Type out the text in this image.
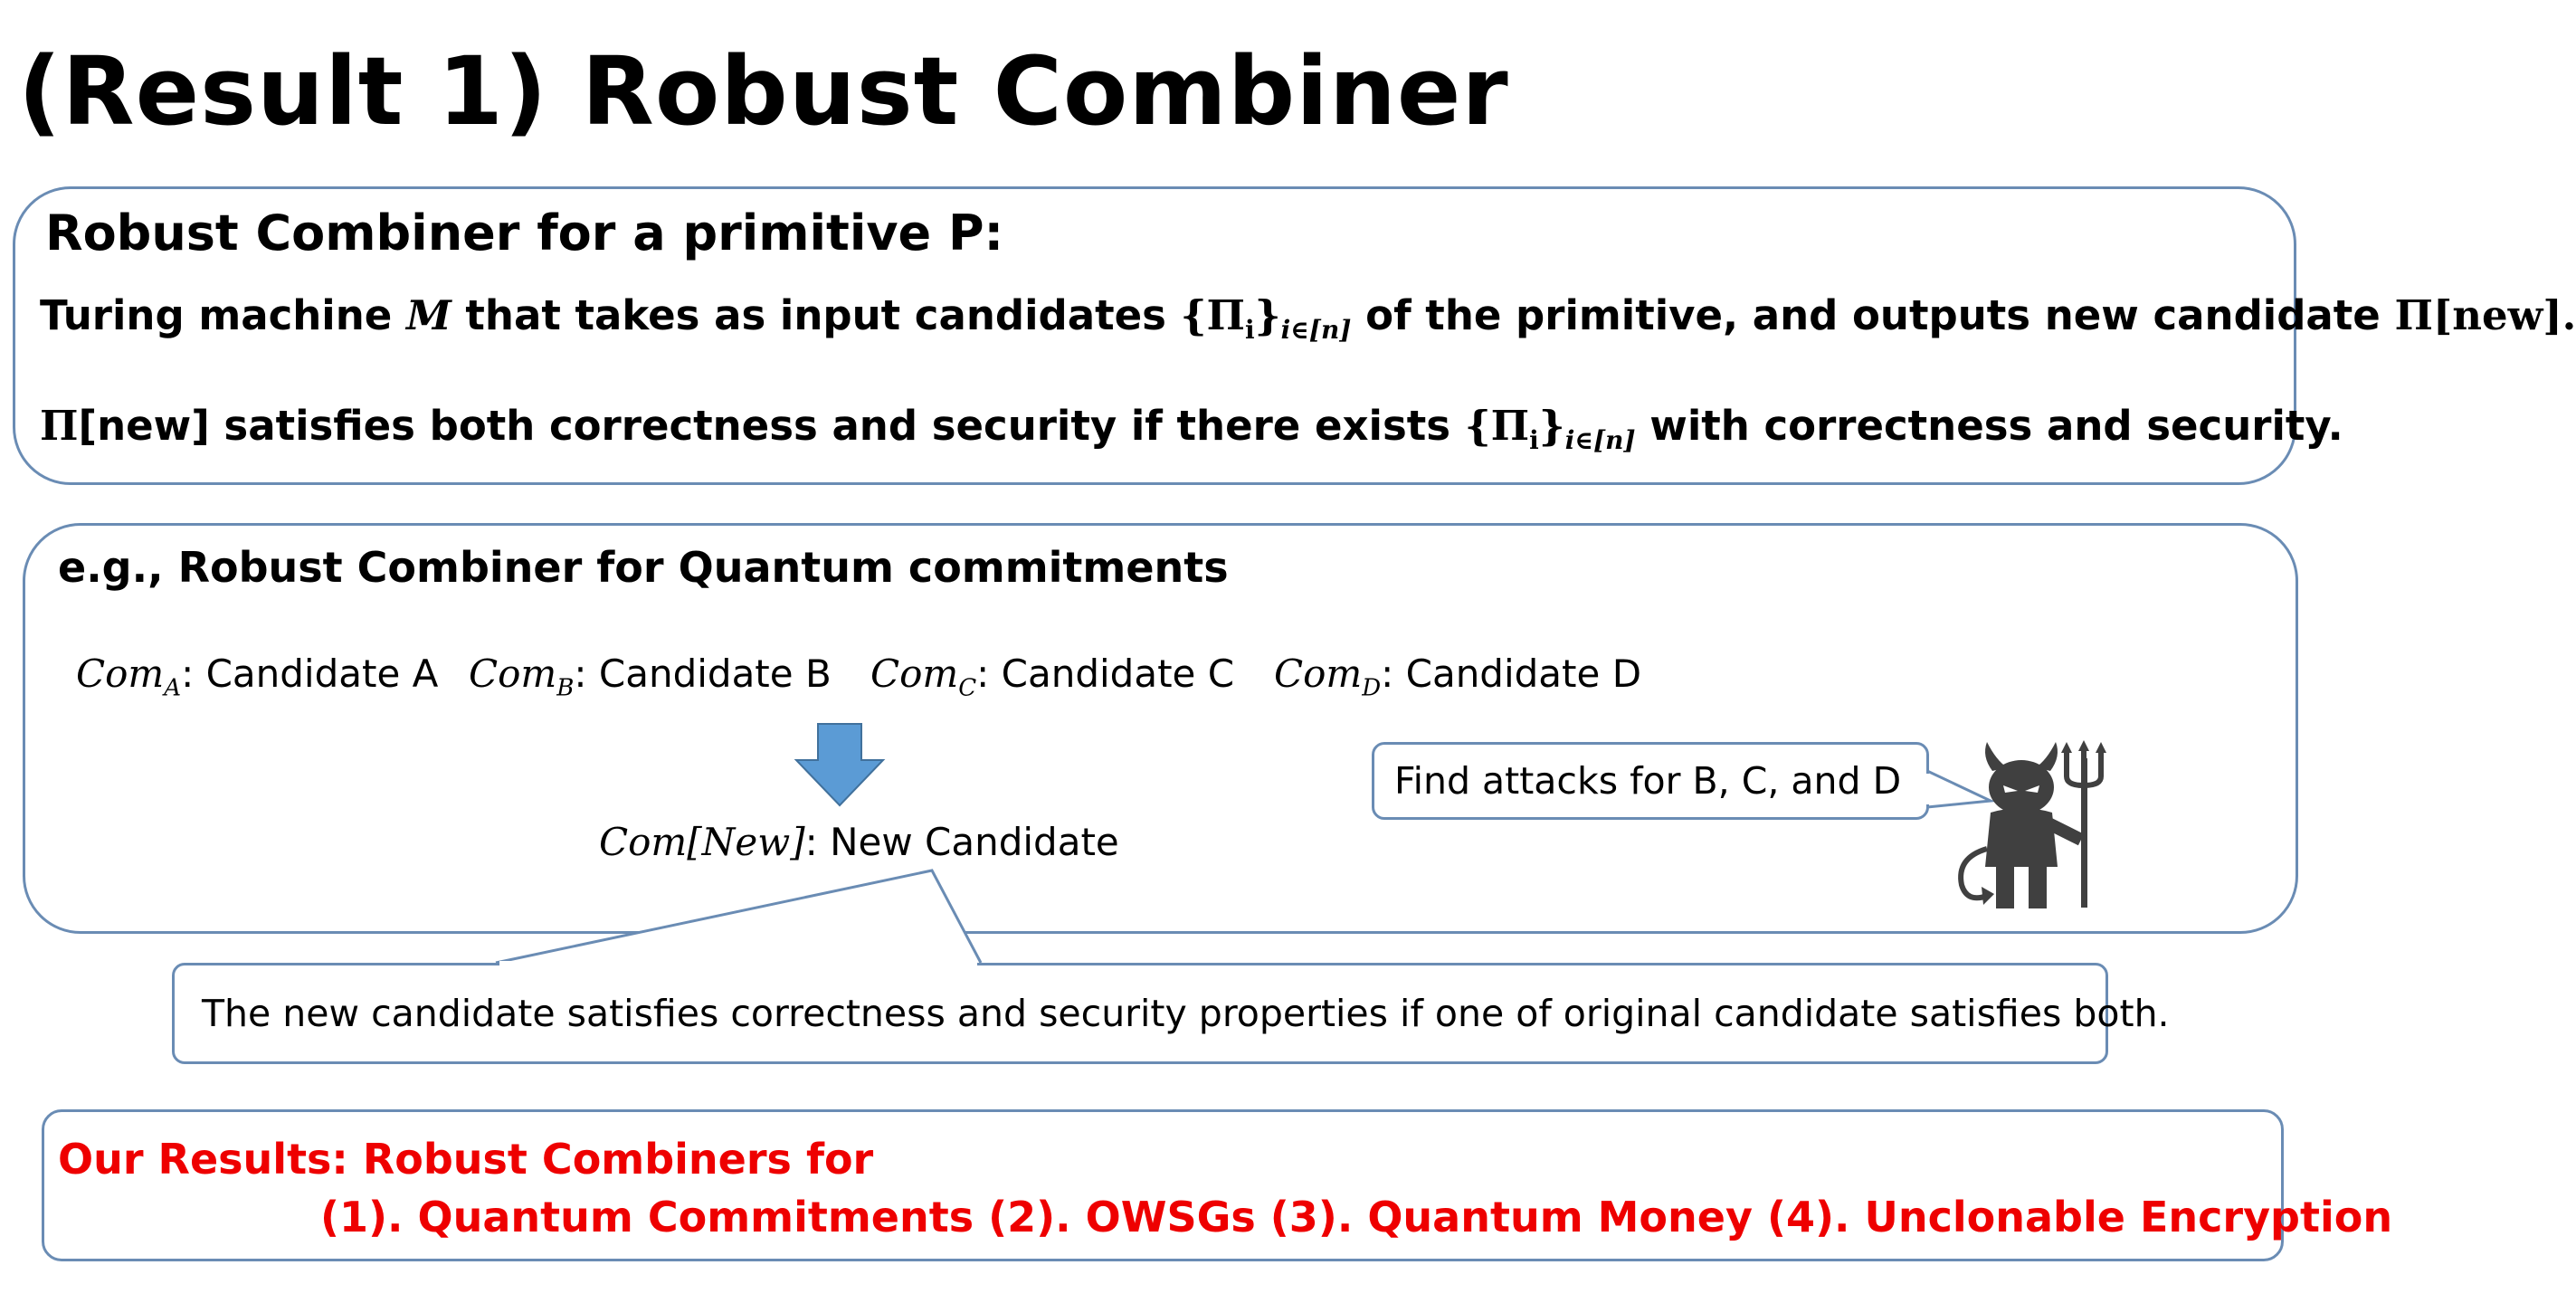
(Result 1) Robust Combiner
Robust Combiner for a primitive P:
Turing machine M that takes as input candidates $\{\Pi_i\}_{i\in[n]}$ of the primitive, and outputs new candidate Π[new].
Π[new] satisfies both correctness and security if there exists $\{\Pi_i\}_{i\in[n]}$ with correctness and security.
e.g., Robust Combiner for Quantum commitments
Com$_A$: Candidate A Com$_B$: Candidate B Com$_C$: Candidate C Com$_D$: Candidate D
Com[New]: New Candidate
Find attacks for B, C, and D
The new candidate satisfies correctness and security properties if one of original candidate satisfies both.
Our Results: Robust Combiners for
(1). Quantum Commitments (2). OWSGs (3). Quantum Money (4). Unclonable Encryption
